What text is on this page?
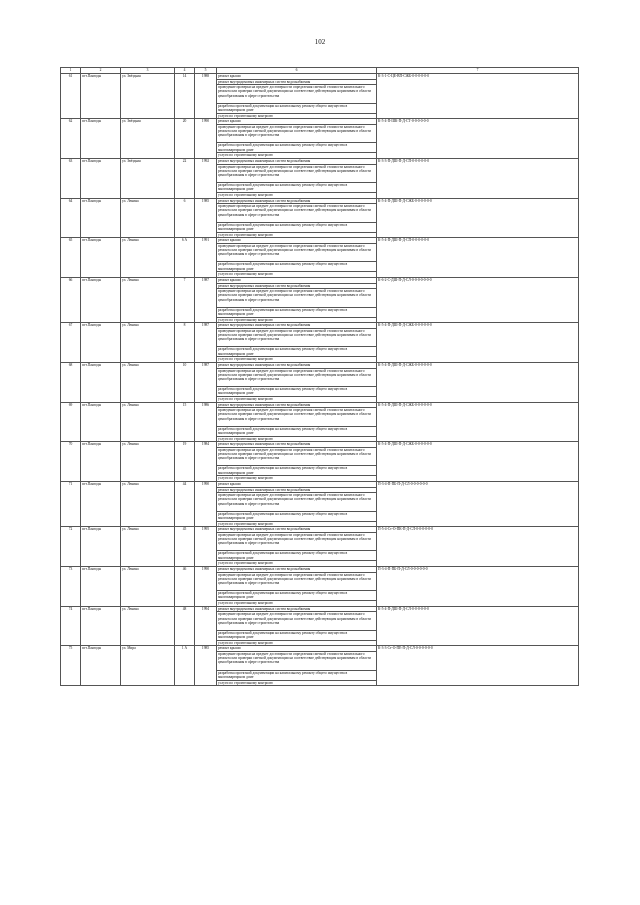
102
1	2	3	4	5	6	7
61	пгт.Пангоды	ул. Звёздная	14	1988	ремонт крыши	К-3-1-С-ЦЕ-ВП-СЖБ-0-0-0-0-0-0
					ремонт внутридомовых инженерных систем водоснабжения	
					проведение проверки на предмет достоверности определения сметной стоимости капитального ремонта или проверки сметной документации на соответствие действующим нормативам в области ценообразования в сфере строительства	
					разработка проектной документации на капитальному ремонту общего имущества в многоквартирном доме	
					услуги по строительному контролю	
62	пгт.Пангоды	ул. Звёздная	20	1990	ремонт крыши	К-5-4-П-ШК-П-Д-СТ-0-0-0-0-0-0
					проведение проверки на предмет достоверности определения сметной стоимости капитального ремонта или проверки сметной документации на соответствие действующим нормативам в области ценообразования в сфере строительства	
					разработка проектной документации на капитальному ремонту общего имущества в многоквартирном доме	
					услуги по строительному контролю	
63	пгт.Пангоды	ул. Звёздная	22	1992	ремонт внутридомовых инженерных систем водоснабжения	К-3-3-П-ДШ-П-Д-СП-0-0-0-0-0-0
					проведение проверки на предмет достоверности определения сметной стоимости капитального ремонта или проверки сметной документации на соответствие действующим нормативам в области ценообразования в сфере строительства	
					разработка проектной документации на капитальному ремонту общего имущества в многоквартирном доме	
					услуги по строительному контролю	
64	пгт.Пангоды	ул. Ленина	6	1985	ремонт внутридомовых инженерных систем водоснабжения	К-5-4-П-ДШ-П-Д-СЖБ-0-0-0-0-0-0
					проведение проверки на предмет достоверности определения сметной стоимости капитального ремонта или проверки сметной документации на соответствие действующим нормативам в области ценообразования в сфере строительства	
					разработка проектной документации на капитальному ремонту общего имущества в многоквартирном доме	
					услуги по строительному контролю	
65	пгт.Пангоды	ул. Ленина	6 А	1991	ремонт крыши	К-5-4-П-ДШ-П-Д-СП-0-0-0-0-0-0
					проведение проверки на предмет достоверности определения сметной стоимости капитального ремонта или проверки сметной документации на соответствие действующим нормативам в области ценообразования в сфере строительства	
					разработка проектной документации на капитальному ремонту общего имущества в многоквартирном доме	
					услуги по строительному контролю	
66	пгт.Пангоды	ул. Ленина	7	1987	ремонт крыши	К-6-2-С-ДШ-П-Д-СЛ-0-0-0-0-0-0-0
					ремонт внутридомовых инженерных систем водоснабжения	
					проведение проверки на предмет достоверности определения сметной стоимости капитального ремонта или проверки сметной документации на соответствие действующим нормативам в области ценообразования в сфере строительства	
					разработка проектной документации на капитальному ремонту общего имущества в многоквартирном доме	
					услуги по строительному контролю	
67	пгт.Пангоды	ул. Ленина	8	1987	ремонт внутридомовых инженерных систем водоснабжения	К-5-4-П-ДШ-П-Д-СЖБ-0-0-0-0-0-0
					проведение проверки на предмет достоверности определения сметной стоимости капитального ремонта или проверки сметной документации на соответствие действующим нормативам в области ценообразования в сфере строительства	
					разработка проектной документации на капитальному ремонту общего имущества в многоквартирном доме	
					услуги по строительному контролю	
68	пгт.Пангоды	ул. Ленина	10	1987	ремонт внутридомовых инженерных систем водоснабжения	К-5-4-П-ДШ-П-Д-СЖБ-0-0-0-0-0-0
					проведение проверки на предмет достоверности определения сметной стоимости капитального ремонта или проверки сметной документации на соответствие действующим нормативам в области ценообразования в сфере строительства	
					разработка проектной документации на капитальному ремонту общего имущества в многоквартирном доме	
					услуги по строительному контролю	
69	пгт.Пангоды	ул. Ленина	15	1986	ремонт внутридомовых инженерных систем водоснабжения	К-5-4-П-ДШ-П-Д-СЖБ-0-0-0-0-0-0
					проведение проверки на предмет достоверности определения сметной стоимости капитального ремонта или проверки сметной документации на соответствие действующим нормативам в области ценообразования в сфере строительства	
					разработка проектной документации на капитальному ремонту общего имущества в многоквартирном доме	
					услуги по строительному контролю	
70	пгт.Пангоды	ул. Ленина	19	1984	ремонт внутридомовых инженерных систем водоснабжения	К-5-4-П-ДШ-П-Д-СЖБ-0-0-0-0-0-0
					проведение проверки на предмет достоверности определения сметной стоимости капитального ремонта или проверки сметной документации на соответствие действующим нормативам в области ценообразования в сфере строительства	
					разработка проектной документации на капитальному ремонту общего имущества в многоквартирном доме	
					услуги по строительному контролю	
71	пгт.Пангоды	ул. Ленина	44	1990	ремонт крыши	П-3-4-П-ПБ-П-Д-СЛ-0-0-0-0-0-0
					ремонт внутридомовых инженерных систем водоснабжения	
					проведение проверки на предмет достоверности определения сметной стоимости капитального ремонта или проверки сметной документации на соответствие действующим нормативам в области ценообразования в сфере строительства	
					разработка проектной документации на капитальному ремонту общего имущества в многоквартирном доме	
					услуги по строительному контролю	
72	пгт.Пангоды	ул. Ленина	45	1995	ремонт внутридомовых инженерных систем водоснабжения	П-5-4-Ст-О-ПК-П-Д-СЛ-0-0-0-0-0-0
					проведение проверки на предмет достоверности определения сметной стоимости капитального ремонта или проверки сметной документации на соответствие действующим нормативам в области ценообразования в сфере строительства	
					разработка проектной документации на капитальному ремонту общего имущества в многоквартирном доме	
					услуги по строительному контролю	
73	пгт.Пангоды	ул. Ленина	46	1990	ремонт внутридомовых инженерных систем водоснабжения	П-3-4-П-ПБ-П-Д-СЛ-0-0-0-0-0-0
					проведение проверки на предмет достоверности определения сметной стоимости капитального ремонта или проверки сметной документации на соответствие действующим нормативам в области ценообразования в сфере строительства	
					разработка проектной документации на капитальному ремонту общего имущества в многоквартирном доме	
					услуги по строительному контролю	
74	пгт.Пангоды	ул. Ленина	48	1994	ремонт внутридомовых инженерных систем водоснабжения	К-5-4-П-ДШ-П-Д-СЛ-0-0-0-0-0-0
					проведение проверки на предмет достоверности определения сметной стоимости капитального ремонта или проверки сметной документации на соответствие действующим нормативам в области ценообразования в сфере строительства	
					разработка проектной документации на капитальному ремонту общего имущества в многоквартирном доме	
					услуги по строительному контролю	
75	пгт.Пангоды	ул. Мира	1 А	1985	ремонт крыши	К-3-3-Ст-О-ПЕ-П-Д-СЛ-0-0-0-0-0-0
					проведение проверки на предмет достоверности определения сметной стоимости капитального ремонта или проверки сметной документации на соответствие действующим нормативам в области ценообразования в сфере строительства	
					разработка проектной документации на капитальному ремонту общего имущества в многоквартирном доме	
					услуги по строительному контролю	
